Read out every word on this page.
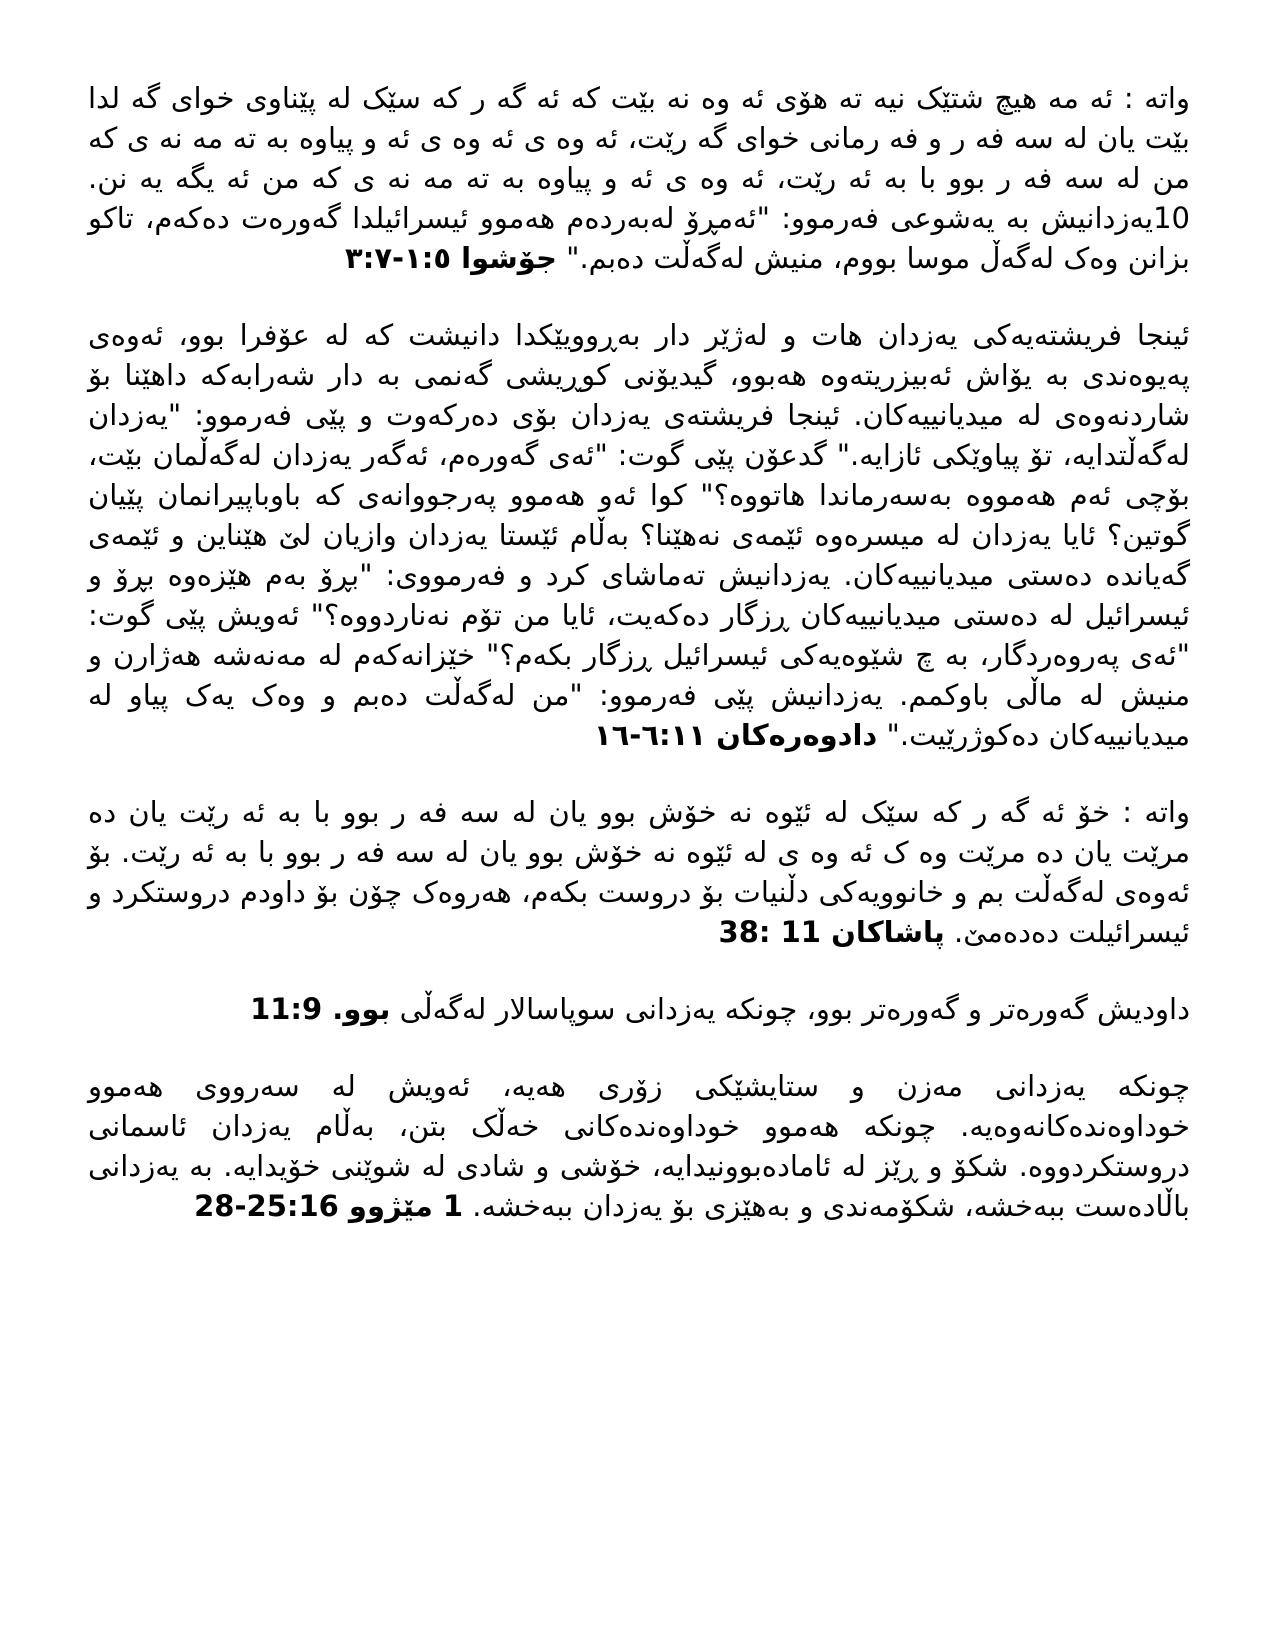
واته : ئه مه هیچ شتێک نیه ته هۆی ئه وه نه بێت که ئه گه ر که سێک له پێناوی خوای گه لدا بێت یان له سه فه ر و فه رمانی خوای گه رێت، ئه وه ی ئه وه ی ئه و پیاوه به ته مه نه ی که من له سه فه ر بوو با به ئه رێت، ئه وه ی ئه و پیاوه به ته مه نه ی که من ئه یگه یه نن. 10یەزدانیش بە یەشوعی فەرموو: "ئەمڕۆ لەبەردەم هەموو ئیسرائیلدا گەورەت دەکەم، تاکو بزانن وەک لەگەڵ موسا بووم، منیش لەگەڵت دەبم." جۆشوا ١:٥-٣:٧

ئینجا فریشتەیەکی یەزدان هات و لەژێر دار بەڕوویێکدا دانیشت کە لە عۆفرا بوو، ئەوەی پەیوەندی بە یۆاش ئەبیزریتەوە هەبوو، گیدیۆنی کوڕیشی گەنمی بە دار شەرابەکە داهێنا بۆ شاردنەوەی لە میدیانییەکان. ئینجا فریشتەی یەزدان بۆی دەرکەوت و پێی فەرموو: "یەزدان لەگەڵتدایە، تۆ پیاوێکی ئازایە." گدعۆن پێی گوت: "ئەی گەورەم، ئەگەر یەزدان لەگەڵمان بێت، بۆچی ئەم هەمووە بەسەرماندا هاتووە؟" کوا ئەو هەموو پەرجووانەی کە باوباپیرانمان پێیان گوتین؟ ئایا یەزدان لە میسرەوە ئێمەی نەهێنا؟ بەڵام ئێستا یەزدان وازیان لێ هێناین و ئێمەی گەیاندە دەستی میدیانییەکان. یەزدانیش تەماشای کرد و فەرمووی: "بڕۆ بەم هێزەوە بڕۆ و ئیسرائیل لە دەستی میدیانییەکان ڕزگار دەکەیت، ئایا من تۆم نەناردووە؟" ئەویش پێی گوت: "ئەی پەروەردگار، بە چ شێوەیەکی ئیسرائیل ڕزگار بکەم؟" خێزانەکەم لە مەنەشە هەژارن و منیش لە ماڵی باوکمم. یەزدانیش پێی فەرموو: "من لەگەڵت دەبم و وەک یەک پیاو لە میدیانییەکان دەکوژرێیت." دادوەرەکان ٦:١١-١٦

واته : خۆ ئه گه ر که سێک له ئێوه نه خۆش بوو یان له سه فه ر بوو با به ئه رێت یان ده مرێت یان ده مرێت وه ک ئه وه ی له ئێوه نه خۆش بوو یان له سه فه ر بوو با به ئه رێت. بۆ ئەوەی لەگەڵت بم و خانوویەکی دڵنیات بۆ دروست بکەم، هەروەک چۆن بۆ داودم دروستکرد و ئیسرائیلت دەدەمێ. پاشاکان 11 :38

داودیش گەورەتر و گەورەتر بوو، چونکە یەزدانی سوپاسالار لەگەڵی بوو. 11:9

چونکە یەزدانی مەزن و ستایشێکی زۆری هەیە، ئەویش لە سەرووی هەموو خوداوەندەکانەوەیە. چونکە هەموو خوداوەندەکانی خەڵک بتن، بەڵام یەزدان ئاسمانی دروستکردووە. شکۆ و ڕێز لە ئامادەبوونیدایە، خۆشی و شادی لە شوێنی خۆیدایە. بە یەزدانی باڵادەست ببەخشە، شکۆمەندی و بەهێزی بۆ یەزدان ببەخشە. 1 مێژوو 25:16-28
